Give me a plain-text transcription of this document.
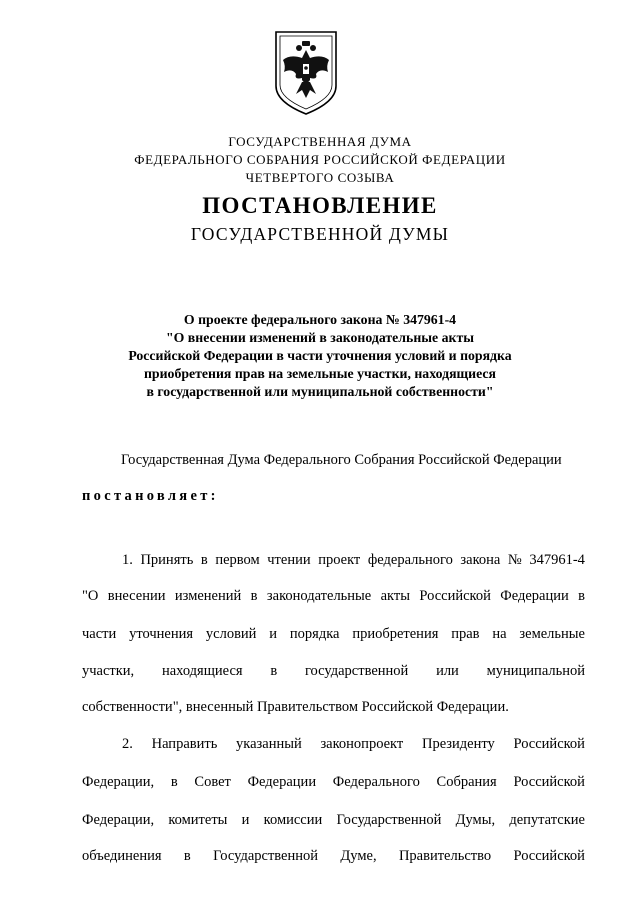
ГОСУДАРСТВЕННАЯ ДУМА
ФЕДЕРАЛЬНОГО СОБРАНИЯ РОССИЙСКОЙ ФЕДЕРАЦИИ
ЧЕТВЕРТОГО СОЗЫВА
ПОСТАНОВЛЕНИЕ
ГОСУДАРСТВЕННОЙ ДУМЫ
О проекте федерального закона № 347961-4
"О внесении изменений в законодательные акты
Российской Федерации в части уточнения условий и порядка
приобретения прав на земельные участки, находящиеся
в государственной или муниципальной собственности"
Государственная Дума Федерального Собрания Российской Федерации
постановляет:
1. Принять в первом чтении проект федерального закона № 347961-4
"О внесении изменений в законодательные акты Российской Федерации в
части уточнения условий и порядка приобретения прав на земельные
участки, находящиеся в государственной или муниципальной
собственности", внесенный Правительством Российской Федерации.
2. Направить указанный законопроект Президенту Российской
Федерации, в Совет Федерации Федерального Собрания Российской
Федерации, комитеты и комиссии Государственной Думы, депутатские
объединения в Государственной Думе, Правительство Российской
